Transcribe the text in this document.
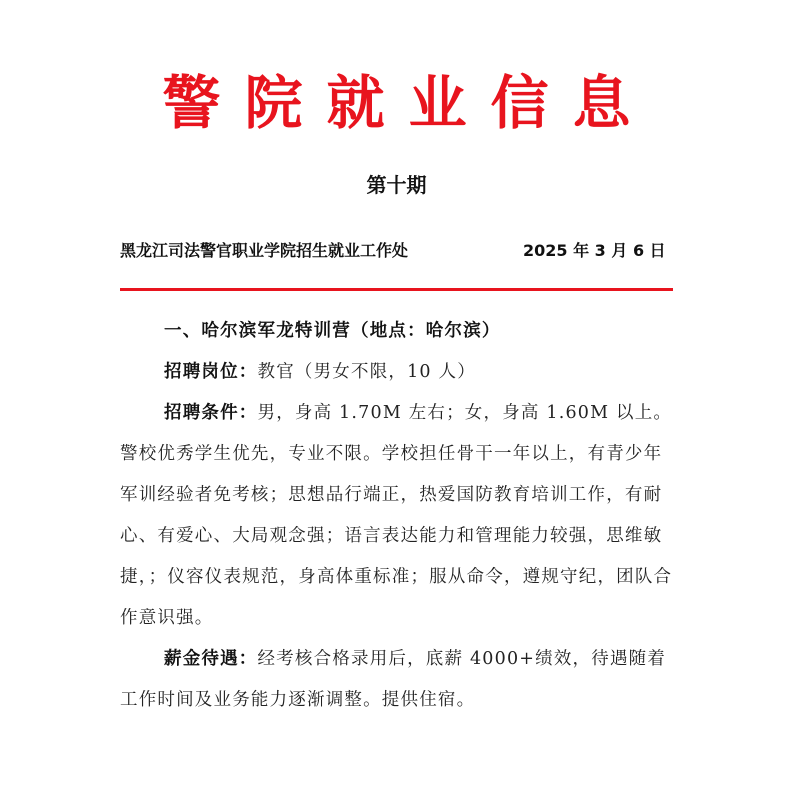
警院就业信息
第十期
黑龙江司法警官职业学院招生就业工作处	2025 年 3 月 6 日

一、哈尔滨军龙特训营（地点：哈尔滨）

招聘岗位：教官（男女不限，10 人）

招聘条件：男，身高 1.70M 左右；女，身高 1.60M 以上。警校优秀学生优先，专业不限。学校担任骨干一年以上，有青少年军训经验者免考核；思想品行端正，热爱国防教育培训工作，有耐心、有爱心、大局观念强；语言表达能力和管理能力较强，思维敏捷，；仪容仪表规范，身高体重标准；服从命令，遵规守纪，团队合作意识强。

薪金待遇：经考核合格录用后，底薪 4000+绩效，待遇随着工作时间及业务能力逐渐调整。提供住宿。
